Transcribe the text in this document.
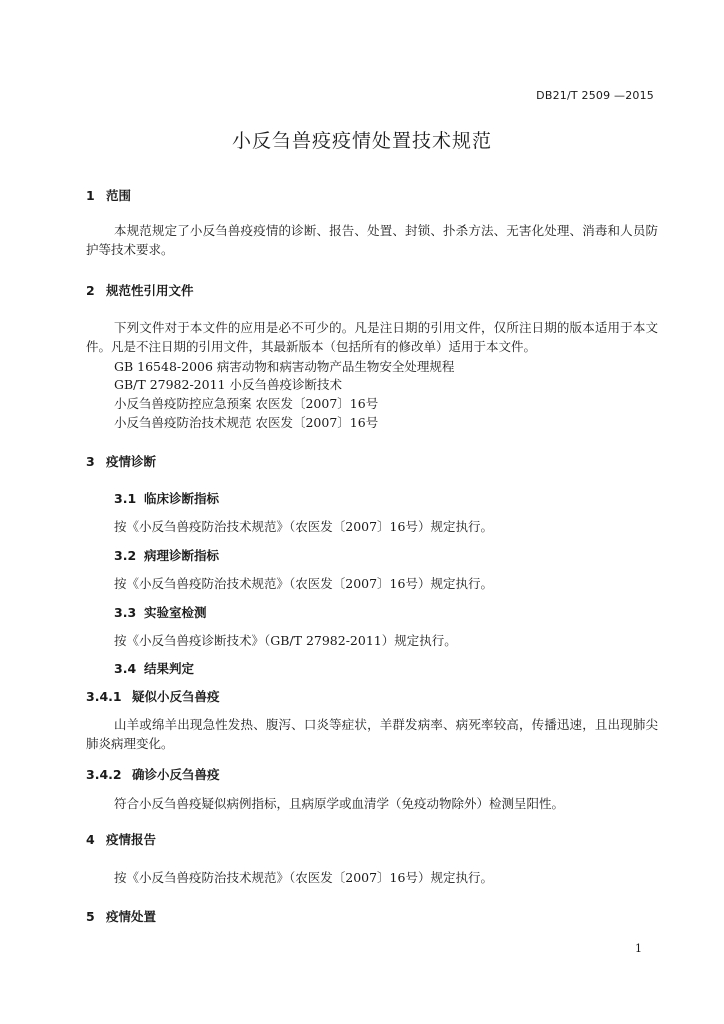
DB21/T 2509 —2015
小反刍兽疫疫情处置技术规范
1 范围
本规范规定了小反刍兽疫疫情的诊断、报告、处置、封锁、扑杀方法、无害化处理、消毒和人员防护等技术要求。
2 规范性引用文件
下列文件对于本文件的应用是必不可少的。凡是注日期的引用文件，仅所注日期的版本适用于本文件。凡是不注日期的引用文件，其最新版本（包括所有的修改单）适用于本文件。
GB 16548-2006 病害动物和病害动物产品生物安全处理规程
GB/T 27982-2011 小反刍兽疫诊断技术
小反刍兽疫防控应急预案 农医发〔2007〕16号
小反刍兽疫防治技术规范 农医发〔2007〕16号
3 疫情诊断
3.1 临床诊断指标
按《小反刍兽疫防治技术规范》（农医发〔2007〕16号）规定执行。
3.2 病理诊断指标
按《小反刍兽疫防治技术规范》（农医发〔2007〕16号）规定执行。
3.3 实验室检测
按《小反刍兽疫诊断技术》（GB/T 27982-2011）规定执行。
3.4 结果判定
3.4.1 疑似小反刍兽疫
山羊或绵羊出现急性发热、腹泻、口炎等症状，羊群发病率、病死率较高，传播迅速，且出现肺尖肺炎病理变化。
3.4.2 确诊小反刍兽疫
符合小反刍兽疫疑似病例指标，且病原学或血清学（免疫动物除外）检测呈阳性。
4 疫情报告
按《小反刍兽疫防治技术规范》（农医发〔2007〕16号）规定执行。
5 疫情处置
1
